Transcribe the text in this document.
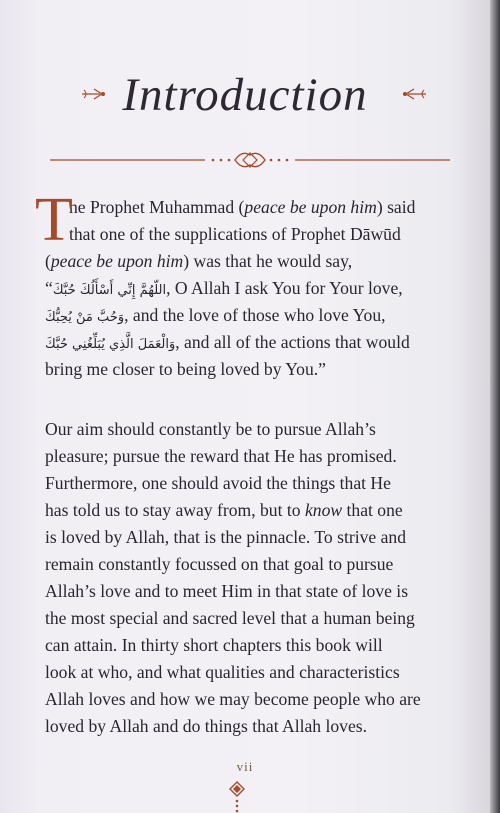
Introduction
T
he Prophet Muhammad (peace be upon him) said
that one of the supplications of Prophet Dāwūd
(peace be upon him) was that he would say,
“اللّهُمَّ إِنِّي أَسْأَلُكَ حُبَّكَ, O Allah I ask You for Your love,
وَحُبَّ مَنْ يُحِبُّكَ, and the love of those who love You,
وَالْعَمَلَ الَّذِي يُبَلِّغُنِي حُبَّكَ, and all of the actions that would
bring me closer to being loved by You.”
Our aim should constantly be to pursue Allah’s
pleasure; pursue the reward that He has promised.
Furthermore, one should avoid the things that He
has told us to stay away from, but to know that one
is loved by Allah, that is the pinnacle. To strive and
remain constantly focussed on that goal to pursue
Allah’s love and to meet Him in that state of love is
the most special and sacred level that a human being
can attain. In thirty short chapters this book will
look at who, and what qualities and characteristics
Allah loves and how we may become people who are
loved by Allah and do things that Allah loves.
vii
